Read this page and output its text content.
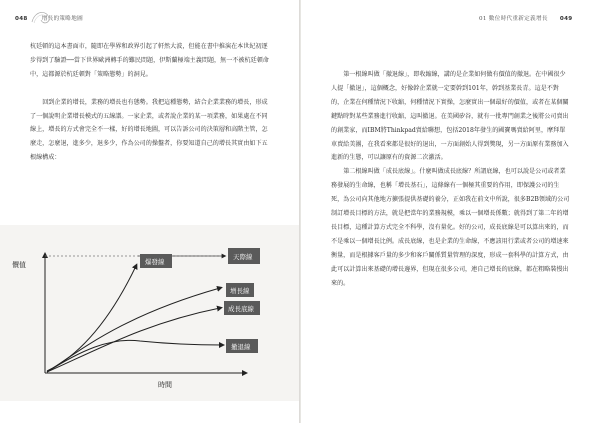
048	增長的策略地圖

杭廷頓的這本書面市，隨即在學界和政界引起了軒然大波，但能在書中推演在本世紀初逐步得到了驗證──當下世界歐洲轉手的難民問題，伊斯蘭極端主義問題，無一不被杭廷頓命中，這都源於杭廷頓對「策略態勢」的洞見。

回到企業的增長，業務的增長也有態勢。我把這種態勢，結合企業業務的增長，形成了一個說明企業增長模式的五線譜。一家企業，或者說企業的某一項業務，如果處在不同線上，增長的方式會完全不一樣，好的增長地圖，可以告訴公司的決策層和高階主管，怎麼走，怎麼退，進多少，退多少，作為公司的操盤者，你要知道自己的增長其實由如下五根線構成：

價值
時間
爆發線
天際線
增長線
成長底線
撤退線
01 數位時代重新定義增長 049

第一根線叫做「撤退線」，即收縮線，講的是企業如何做有價值的撤退。在中國很少人提「撤退」，這個概念，好像幹企業就一定要幹到101年，幹到基業長青。這是不對的，企業在何種情況下收縮，何種情況下實操，怎麼實出一個最好的價值，或者在某個關鍵點時對某些業務進行收縮，這叫撤退。在美國矽谷，就有一批專門創業之後將公司賣出的創業家，而IBM將Thinkpad賣給聯想，包括2018年發生的國寶嗎賣給阿里，摩拜單車賣給美團，在我看來都是很好的退出，一方面創始人得到獎現，另一方面原有業務加入進新的生態，可以讓原有的資源二次激活。

第二根線叫做「成長底線」。什麼叫做成長底線？所謂底線，也可以說是公司或者業務發展的生命線，也稱「增長基石」，這條線有一個極其重要的作用，即保護公司的生死，為公司向其他地方擴張提供基礎的養分，正如我在前文中所說，很多B2B領域的公司制訂增長目標的方法，就是把當年的業務規模，乘以一個增長係數；就得到了第二年的增長目標，這種計算方式完全不科學，沒有量化。好的公司，成長底線是可以算出來的，而不是乘以一個增長比例。成長底線，也是企業的生命線，不應該用行業或者公司的增速來衡量，而是根據客戶量的多少和客戶關係質量管理的深度，形成一套科學的計算方式，由此可以計算出來基礎的增長邊界，但現在很多公司，連自己增長的底線，都在粗略裝慢出來的。
